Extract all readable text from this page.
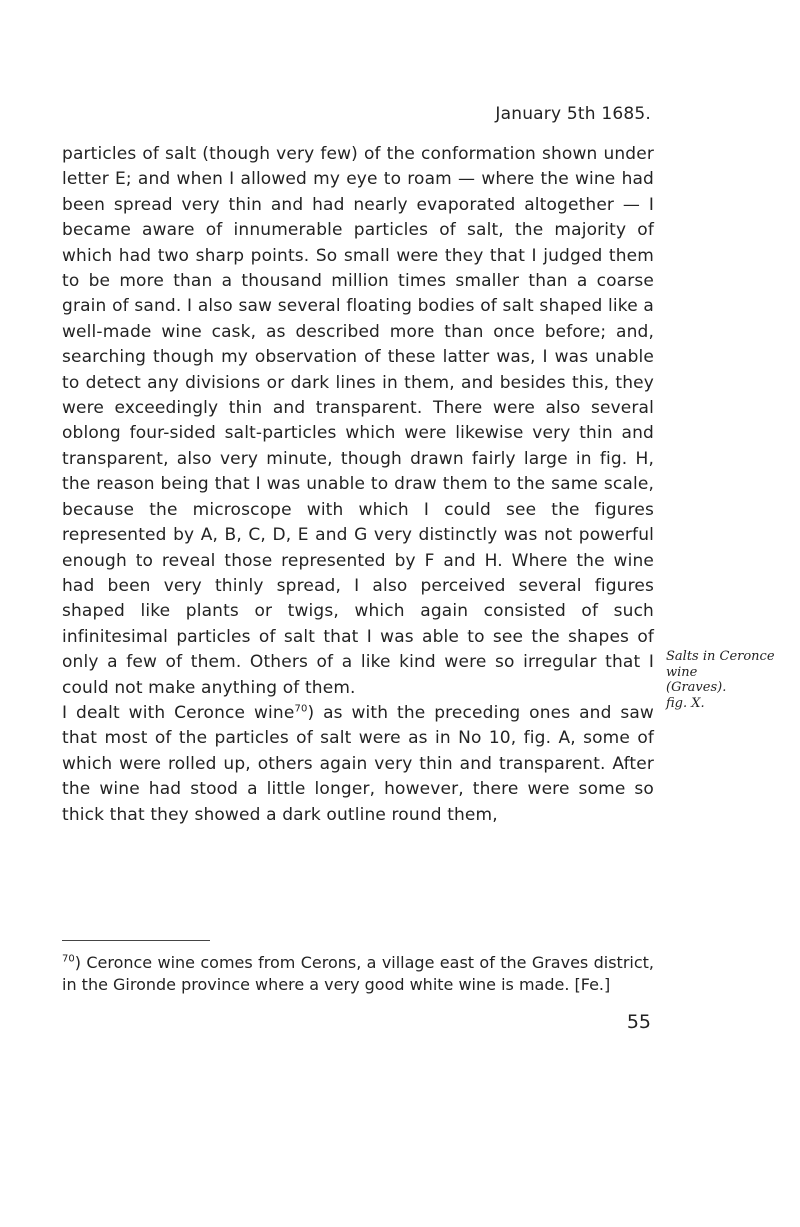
January 5th 1685.

particles of salt (though very few) of the conformation shown under letter E; and when I allowed my eye to roam — where the wine had been spread very thin and had nearly evaporated altogether — I became aware of innumerable particles of salt, the majority of which had two sharp points. So small were they that I judged them to be more than a thousand million times smaller than a coarse grain of sand. I also saw several floating bodies of salt shaped like a well-made wine cask, as described more than once before; and, searching though my observation of these latter was, I was unable to detect any divisions or dark lines in them, and besides this, they were exceedingly thin and transparent. There were also several oblong four-sided salt-particles which were likewise very thin and transparent, also very minute, though drawn fairly large in fig. H, the reason being that I was unable to draw them to the same scale, because the microscope with which I could see the figures represented by A, B, C, D, E and G very distinctly was not powerful enough to reveal those represented by F and H. Where the wine had been very thinly spread, I also perceived several figures shaped like plants or twigs, which again consisted of such infinitesimal particles of salt that I was able to see the shapes of only a few of them. Others of a like kind were so irregular that I could not make anything of them.

I dealt with Ceronce wine$^{70}$) as with the preceding ones and saw that most of the particles of salt were as in No 10, fig. A, some of which were rolled up, others again very thin and transparent. After the wine had stood a little longer, however, there were some so thick that they showed a dark outline round them,

Salts in Ceronce
wine
(Graves).
fig. X.
$^{70}$) Ceronce wine comes from Cerons, a village east of the Graves district, in the Gironde province where a very good white wine is made. [Fe.]
55
